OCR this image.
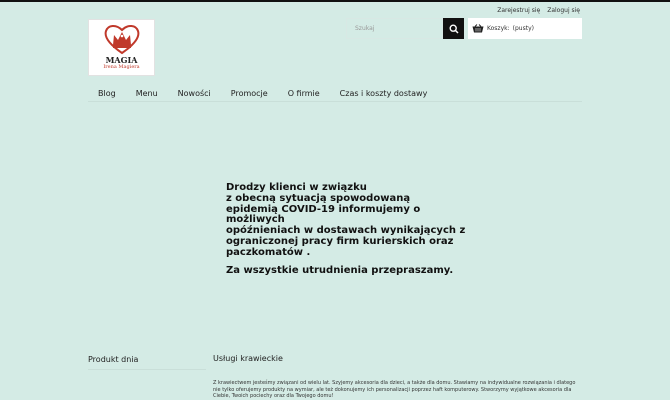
Zarejestruj się Zaloguj się
MAGIA
Irena Magiera
Szukaj
Koszyk: (pusty)
Blog	Menu	Nowości	Promocje	O firmie	Czas i koszty dostawy

Drodzy klienci w związku

z obecną sytuacją spowodowaną

epidemią COVID-19 informujemy o możliwych

opóźnieniach w dostawach wynikających z

ograniczonej pracy firm kurierskich oraz

paczkomatów .

Za wszystkie utrudnienia przepraszamy.

Produkt dnia	Usługi krawieckie
Z krawiectwem jesteśmy związani od wielu lat. Szyjemy akcesoria dla dzieci, a także dla domu. Stawiamy na indywidualne rozwiązania i dlatego nie tylko oferujemy produkty na wymiar, ale też dokonujemy ich personalizacji poprzez haft komputerowy. Stworzymy wyjątkowe akcesoria dla Ciebie, Twoich pociechy oraz dla Twojego domu!
